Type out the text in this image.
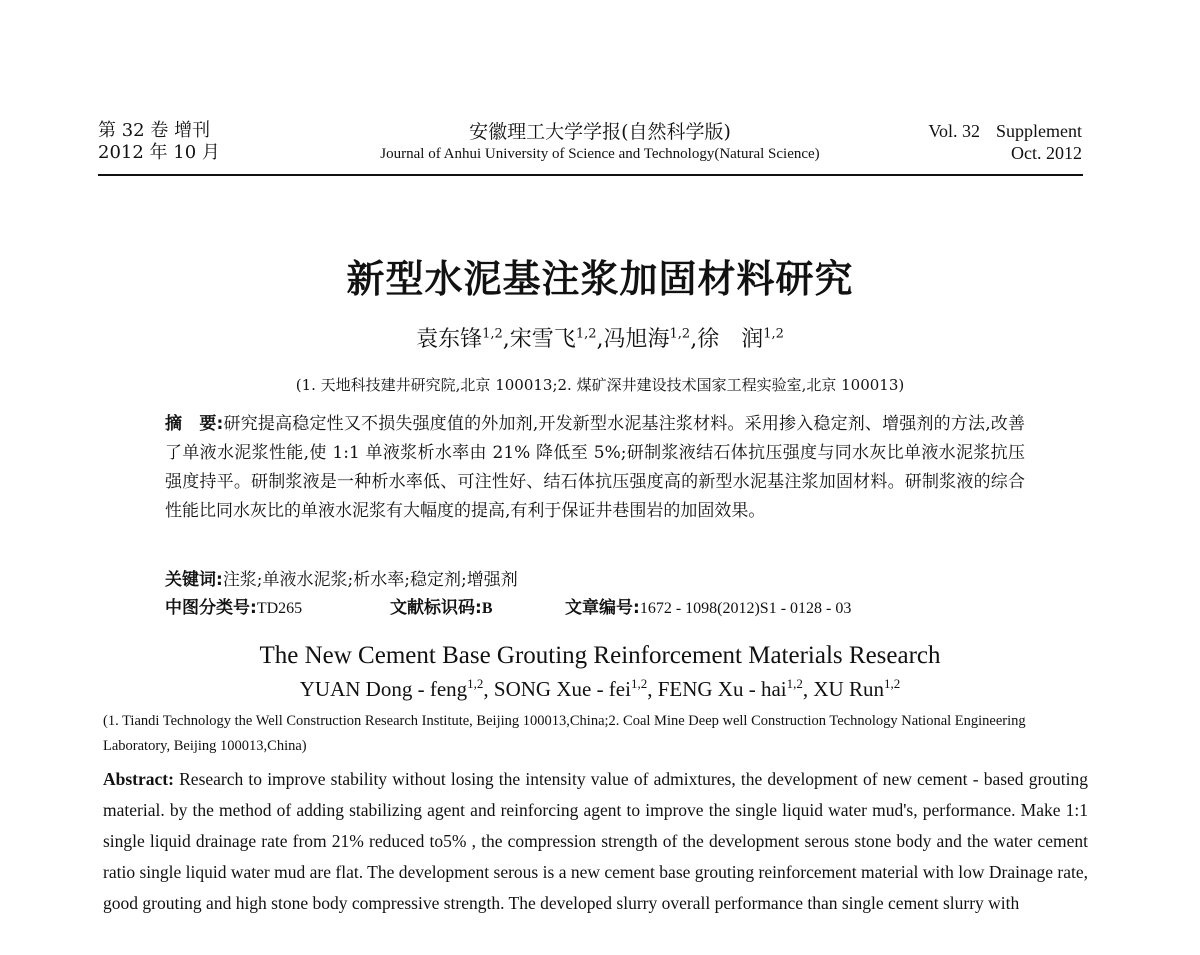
第 32 卷 增刊
2012 年 10 月
安徽理工大学学报(自然科学版)
Journal of Anhui University of Science and Technology(Natural Science)
Vol. 32 Supplement
Oct. 2012
新型水泥基注浆加固材料研究
袁东锋$^{1,2}$,宋雪飞$^{1,2}$,冯旭海$^{1,2}$,徐　润$^{1,2}$
(1. 天地科技建井研究院,北京 100013;2. 煤矿深井建设技术国家工程实验室,北京 100013)
摘　要:研究提高稳定性又不损失强度值的外加剂,开发新型水泥基注浆材料。采用掺入稳定剂、增强剂的方法,改善了单液水泥浆性能,使 1:1 单液浆析水率由 21% 降低至 5%;研制浆液结石体抗压强度与同水灰比单液水泥浆抗压强度持平。研制浆液是一种析水率低、可注性好、结石体抗压强度高的新型水泥基注浆加固材料。研制浆液的综合性能比同水灰比的单液水泥浆有大幅度的提高,有利于保证井巷围岩的加固效果。
关键词:注浆;单液水泥浆;析水率;稳定剂;增强剂
中图分类号:TD265	文献标识码:B	文章编号:1672 - 1098(2012)S1 - 0128 - 03
The New Cement Base Grouting Reinforcement Materials Research
YUAN Dong - feng$^{1,2}$, SONG Xue - fei$^{1,2}$, FENG Xu - hai$^{1,2}$, XU Run$^{1,2}$
(1. Tiandi Technology the Well Construction Research Institute, Beijing 100013,China;2. Coal Mine Deep well Construction Technology National Engineering Laboratory, Beijing 100013,China)
Abstract: Research to improve stability without losing the intensity value of admixtures, the development of new cement - based grouting material. by the method of adding stabilizing agent and reinforcing agent to improve the single liquid water mud's, performance. Make 1:1 single liquid drainage rate from 21% reduced to5% , the compression strength of the development serous stone body and the water cement ratio single liquid water mud are flat. The development serous is a new cement base grouting reinforcement material with low Drainage rate, good grouting and high stone body compressive strength. The developed slurry overall performance than single cement slurry with
